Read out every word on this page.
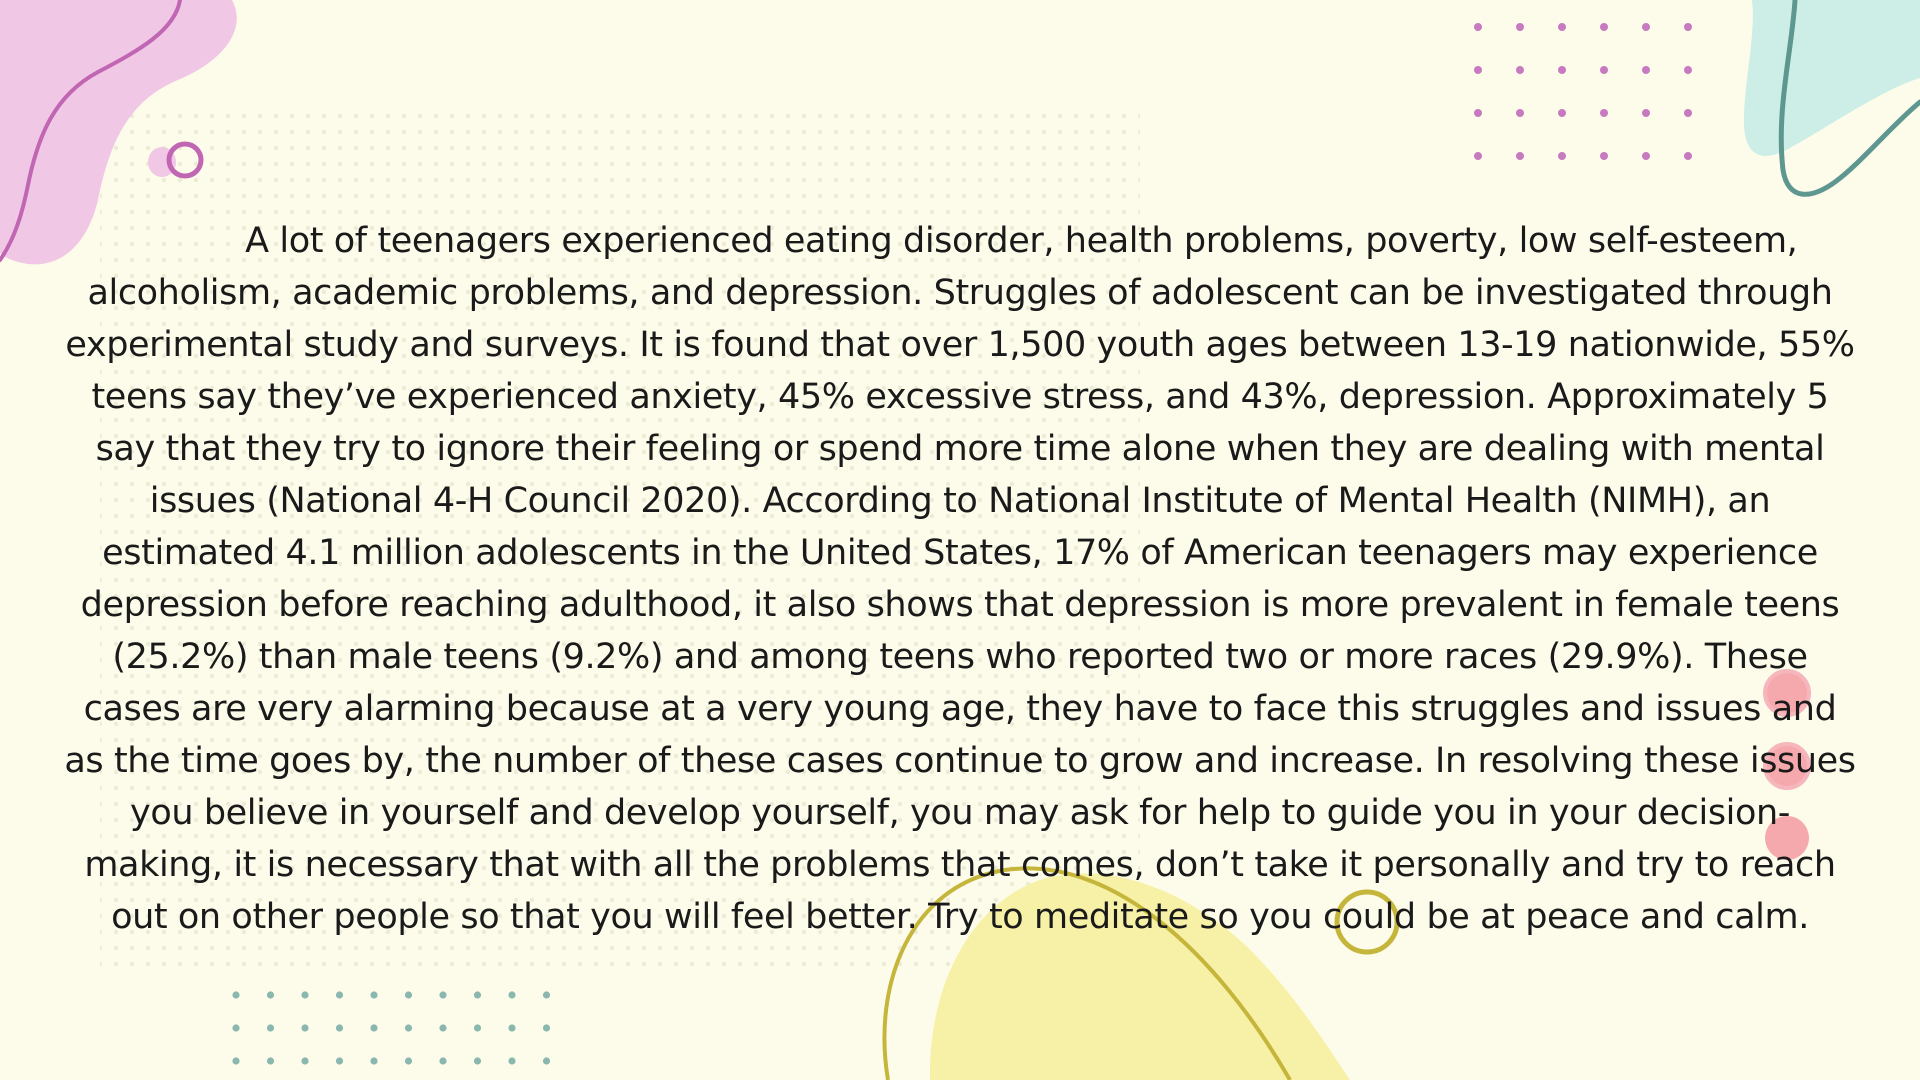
A lot of teenagers experienced eating disorder, health problems, poverty, low self-esteem, alcoholism, academic problems, and depression. Struggles of adolescent can be investigated through experimental study and surveys. It is found that over 1,500 youth ages between 13-19 nationwide, 55% teens say they’ve experienced anxiety, 45% excessive stress, and 43%, depression. Approximately 5 say that they try to ignore their feeling or spend more time alone when they are dealing with mental issues (National 4-H Council 2020). According to National Institute of Mental Health (NIMH), an estimated 4.1 million adolescents in the United States, 17% of American teenagers may experience depression before reaching adulthood, it also shows that depression is more prevalent in female teens (25.2%) than male teens (9.2%) and among teens who reported two or more races (29.9%). These cases are very alarming because at a very young age, they have to face this struggles and issues and as the time goes by, the number of these cases continue to grow and increase. In resolving these issues you believe in yourself and develop yourself, you may ask for help to guide you in your decision-making, it is necessary that with all the problems that comes, don’t take it personally and try to reach out on other people so that you will feel better. Try to meditate so you could be at peace and calm.
